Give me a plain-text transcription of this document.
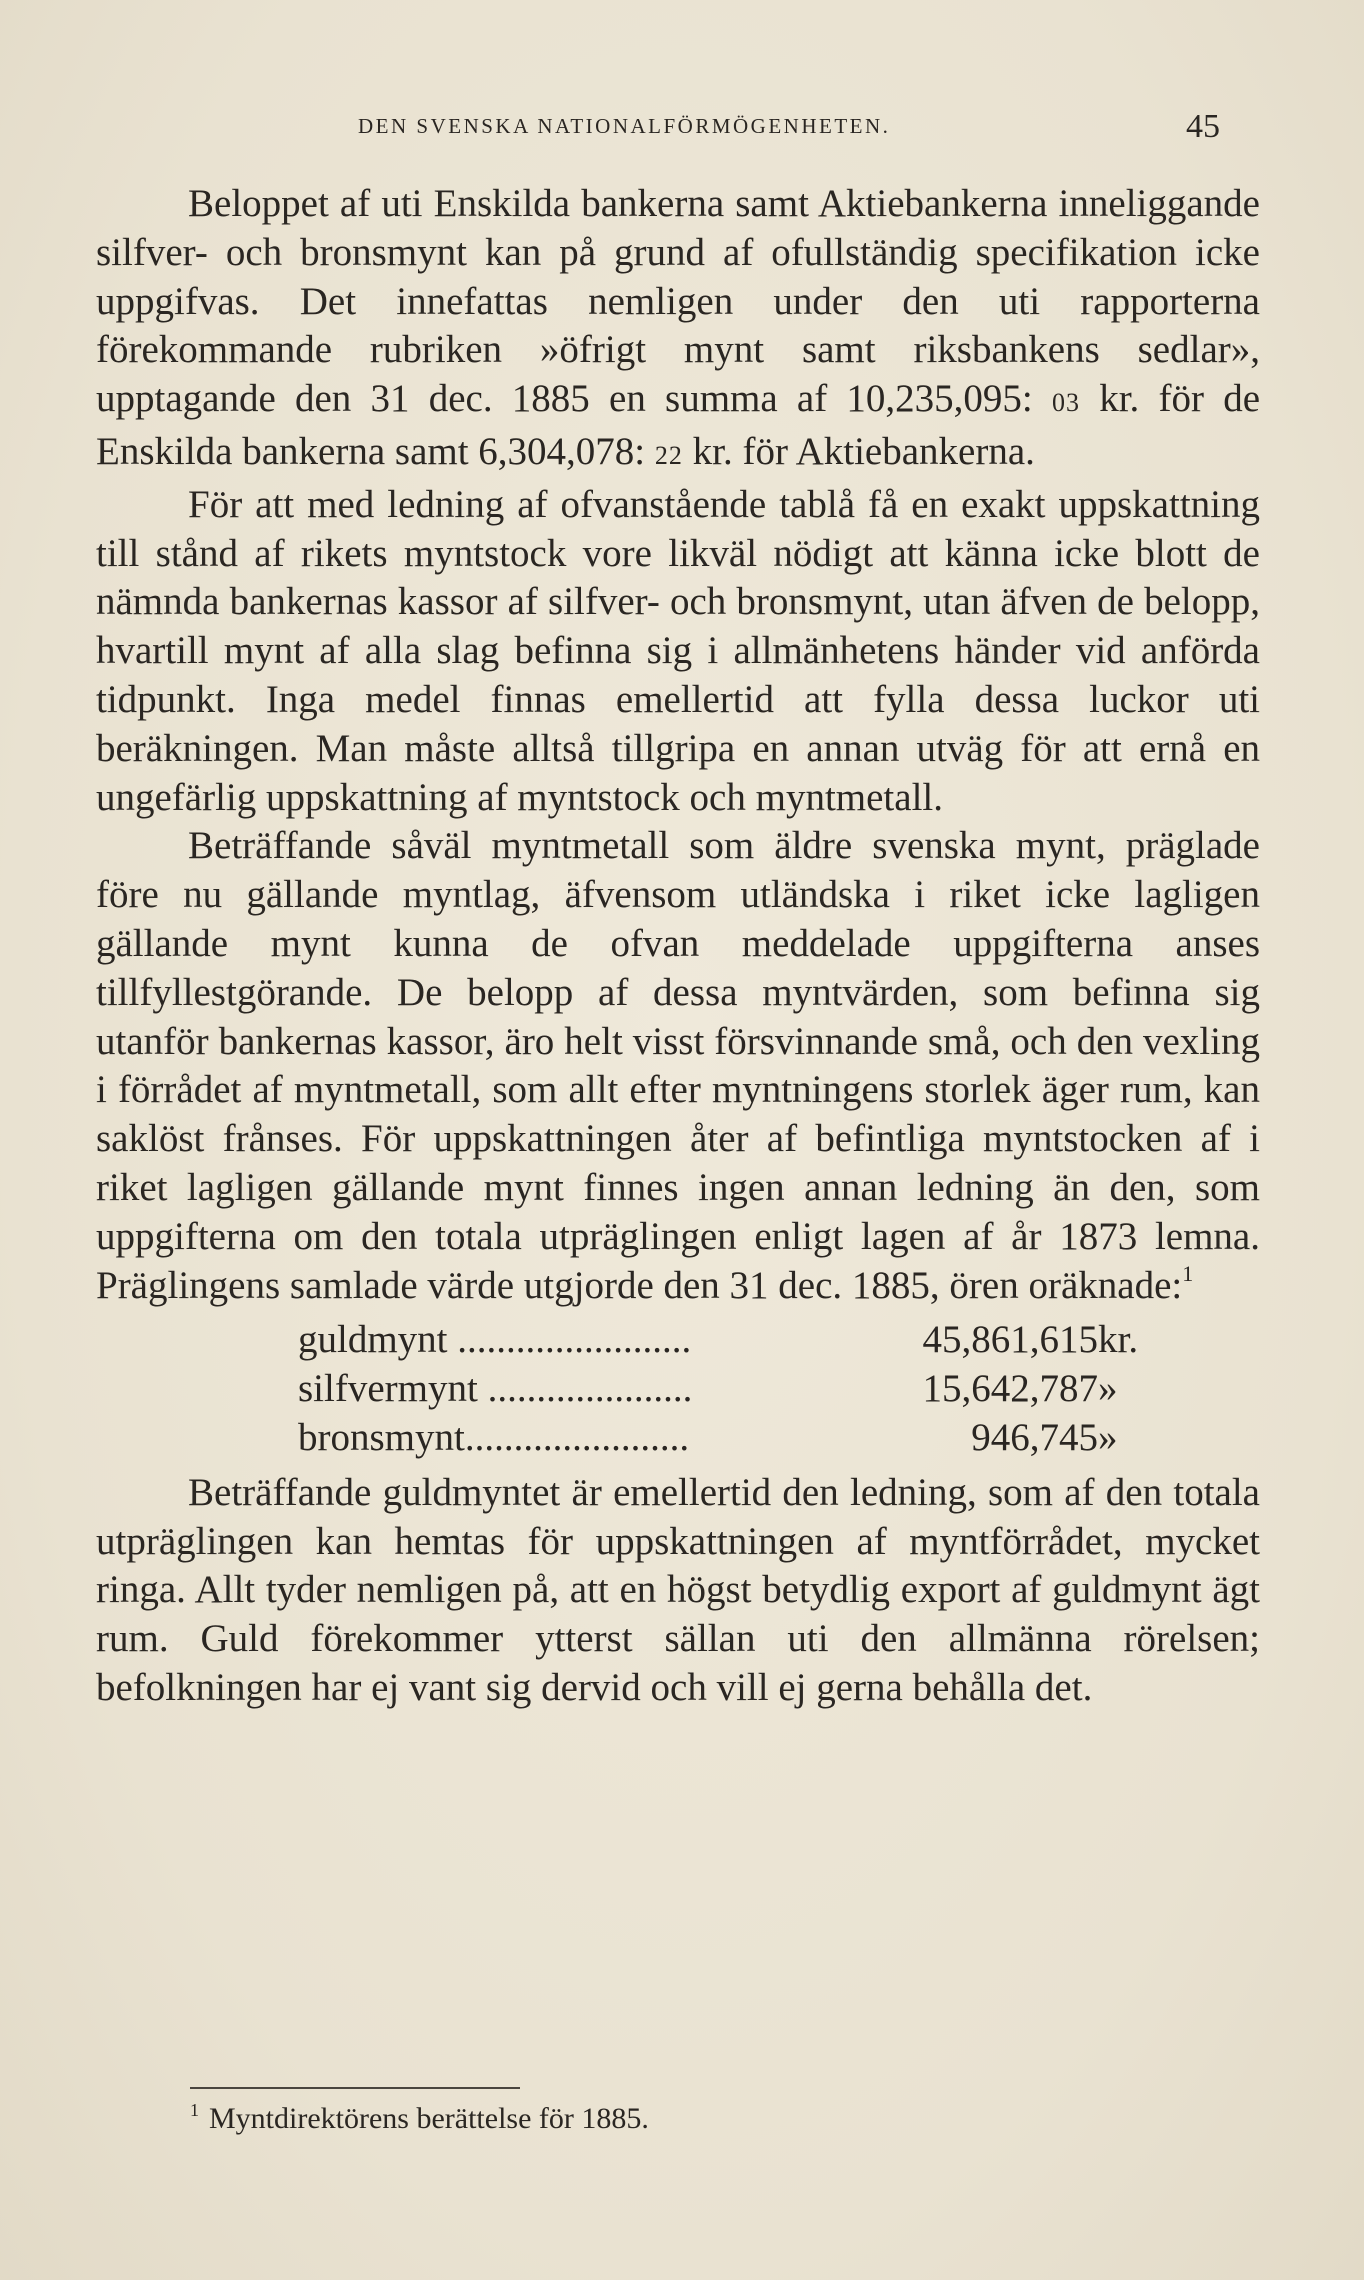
DEN SVENSKA NATIONALFÖRMÖGENHETEN.	45

Beloppet af uti Enskilda bankerna samt Aktiebankerna inneliggande silfver- och bronsmynt kan på grund af ofullständig specifikation icke uppgifvas. Det innefattas nemligen under den uti rapporterna förekommande rubriken »öfrigt mynt samt riksbankens sedlar», upptagande den 31 dec. 1885 en summa af 10,235,095: 03 kr. för de Enskilda bankerna samt 6,304,078: 22 kr. för Aktiebankerna.

För att med ledning af ofvanstående tablå få en exakt uppskattning till stånd af rikets myntstock vore likväl nödigt att känna icke blott de nämnda bankernas kassor af silfver- och bronsmynt, utan äfven de belopp, hvartill mynt af alla slag befinna sig i allmänhetens händer vid anförda tidpunkt. Inga medel finnas emellertid att fylla dessa luckor uti beräkningen. Man måste alltså tillgripa en annan utväg för att ernå en ungefärlig uppskattning af myntstock och myntmetall.

Beträffande såväl myntmetall som äldre svenska mynt, präglade före nu gällande myntlag, äfvensom utländska i riket icke lagligen gällande mynt kunna de ofvan meddelade uppgifterna anses tillfyllestgörande. De belopp af dessa myntvärden, som befinna sig utanför bankernas kassor, äro helt visst försvinnande små, och den vexling i förrådet af myntmetall, som allt efter myntningens storlek äger rum, kan saklöst frånses. För uppskattningen åter af befintliga myntstocken af i riket lagligen gällande mynt finnes ingen annan ledning än den, som uppgifterna om den totala utpräglingen enligt lagen af år 1873 lemna. Präglingens samlade värde utgjorde den 31 dec. 1885, ören oräknade:$^1$

guldmynt ........................	45,861,615	kr.
silfvermynt .....................	15,642,787	»
bronsmynt.......................	946,745	»

Beträffande guldmyntet är emellertid den ledning, som af den totala utpräglingen kan hemtas för uppskattningen af myntförrådet, mycket ringa. Allt tyder nemligen på, att en högst betydlig export af guldmynt ägt rum. Guld förekommer ytterst sällan uti den allmänna rörelsen; befolkningen har ej vant sig dervid och vill ej gerna behålla det.

$^1$ Myntdirektörens berättelse för 1885.
